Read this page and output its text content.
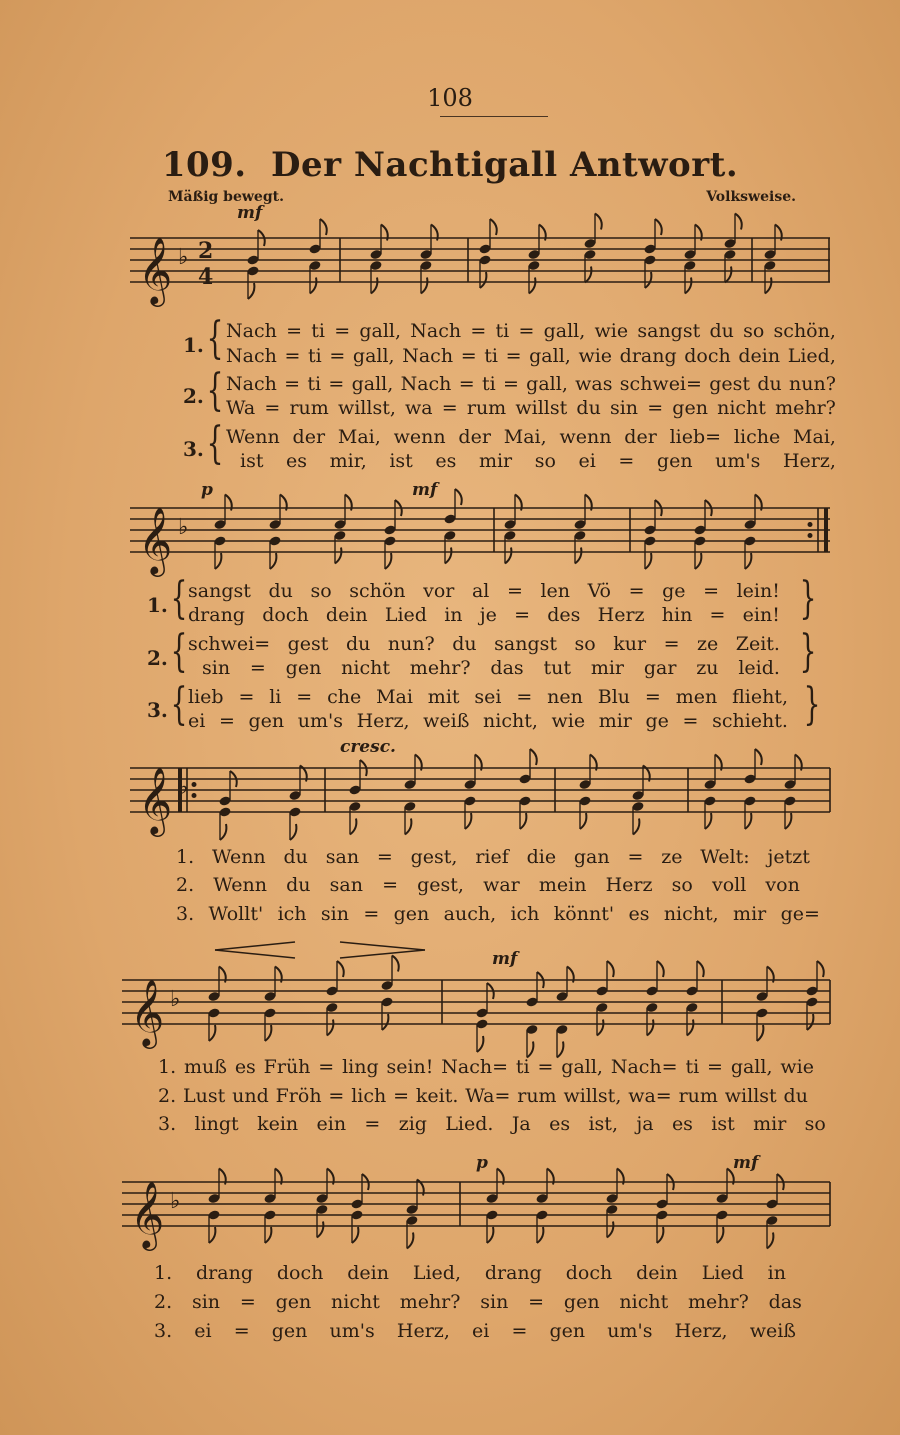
108
109. Der Nachtigall Antwort.
Mäßig bewegt.	Volksweise.
mf
p	mf
cresc.
mf
p	mf
𝄞 ♭ 2
4
𝄞 ♭
𝄞 ♭
𝄞 ♭
𝄞 ♭
1. { Nach = ti = gall, Nach = ti = gall, wie sangst du so schön,
Nach = ti = gall, Nach = ti = gall, wie drang doch dein Lied,
2. { Nach = ti = gall, Nach = ti = gall, was schwei= gest du nun?
Wa = rum willst, wa = rum willst du sin = gen nicht mehr?
3. { Wenn der Mai, wenn der Mai, wenn der lieb= liche Mai,
ist es mir, ist es mir so ei = gen um's Herz,
1. { sangst du so schön vor al = len Vö = ge = lein!
drang doch dein Lied in je = des Herz hin = ein! }
2. { schwei= gest du nun? du sangst so kur = ze Zeit.
sin = gen nicht mehr? das tut mir gar zu leid. }
3. { lieb = li = che Mai mit sei = nen Blu = men flieht,
ei = gen um's Herz, weiß nicht, wie mir ge = schieht. }
1. Wenn du san = gest, rief die gan = ze Welt: jetzt
2. Wenn du san = gest, war mein Herz so voll von
3. Wollt' ich sin = gen auch, ich könnt' es nicht, mir ge=
1. muß es Früh = ling sein! Nach= ti = gall, Nach= ti = gall, wie
2. Lust und Fröh = lich = keit. Wa= rum willst, wa= rum willst du
3. lingt kein ein = zig Lied. Ja es ist, ja es ist mir so
1. drang doch dein Lied, drang doch dein Lied in
2. sin = gen nicht mehr? sin = gen nicht mehr? das
3. ei = gen um's Herz, ei = gen um's Herz, weiß
